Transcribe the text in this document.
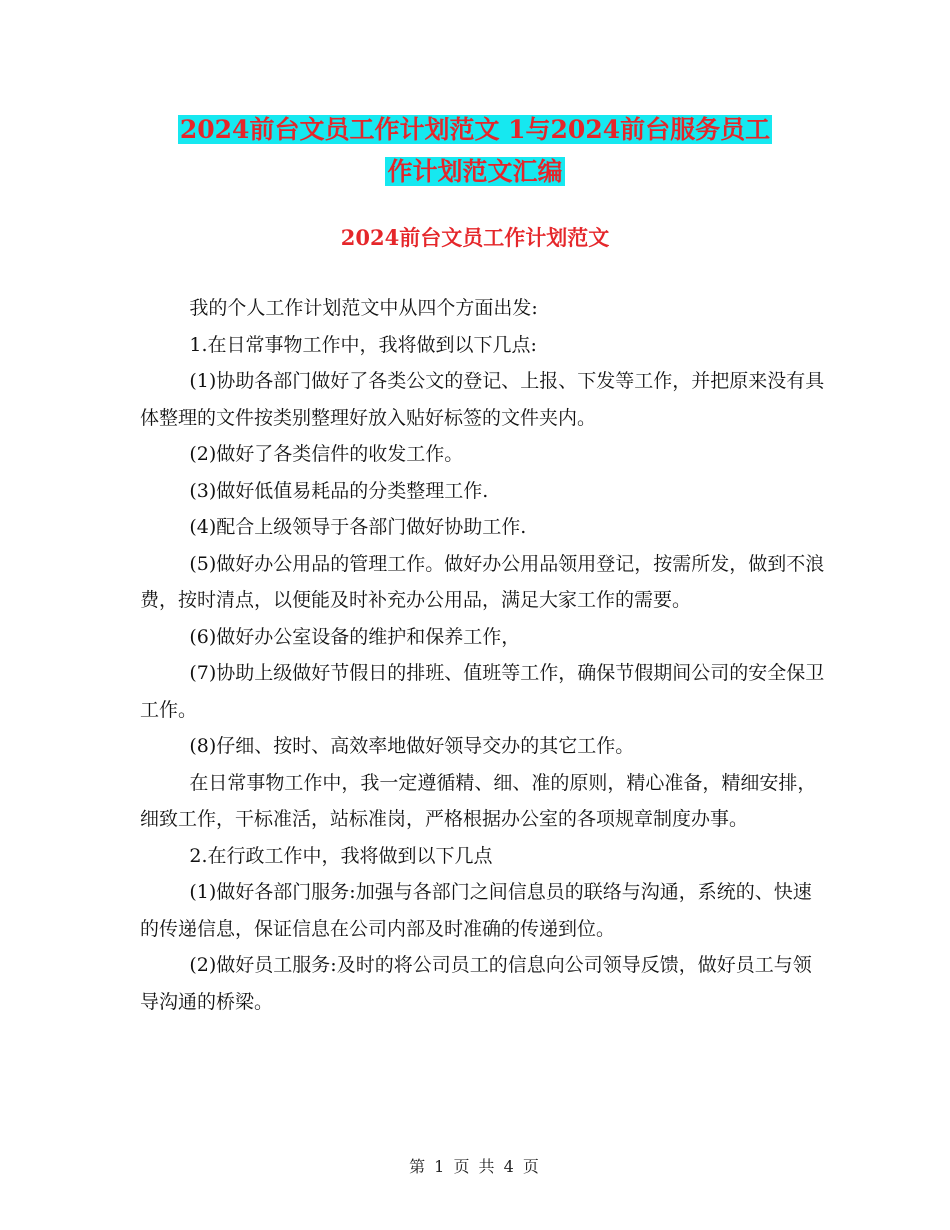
2024前台文员工作计划范文 1与2024前台服务员工
作计划范文汇编
2024前台文员工作计划范文

我的个人工作计划范文中从四个方面出发:

1.在日常事物工作中，我将做到以下几点:

(1)协助各部门做好了各类公文的登记、上报、下发等工作，并把原来没有具体整理的文件按类别整理好放入贴好标签的文件夹内。

(2)做好了各类信件的收发工作。

(3)做好低值易耗品的分类整理工作.

(4)配合上级领导于各部门做好协助工作.

(5)做好办公用品的管理工作。做好办公用品领用登记，按需所发，做到不浪费，按时清点，以便能及时补充办公用品，满足大家工作的需要。

(6)做好办公室设备的维护和保养工作，

(7)协助上级做好节假日的排班、值班等工作，确保节假期间公司的安全保卫工作。

(8)仔细、按时、高效率地做好领导交办的其它工作。

在日常事物工作中，我一定遵循精、细、准的原则，精心准备，精细安排，细致工作，干标准活，站标准岗，严格根据办公室的各项规章制度办事。

2.在行政工作中，我将做到以下几点

(1)做好各部门服务:加强与各部门之间信息员的联络与沟通，系统的、快速的传递信息，保证信息在公司内部及时准确的传递到位。

(2)做好员工服务:及时的将公司员工的信息向公司领导反馈，做好员工与领导沟通的桥梁。

第 1 页 共 4 页
